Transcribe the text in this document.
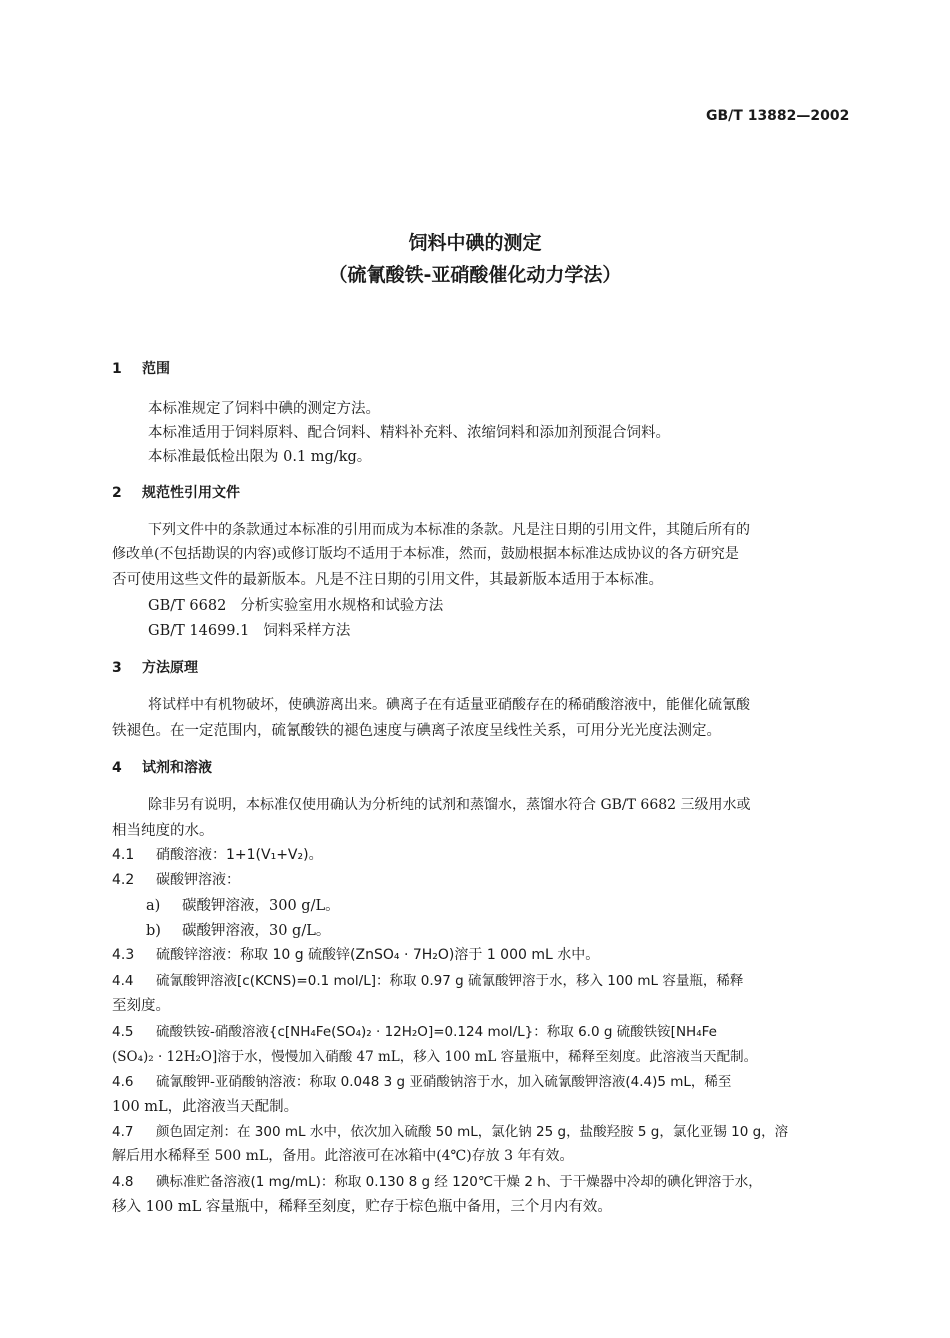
GB/T 13882—2002
饲料中碘的测定
（硫氰酸铁-亚硝酸催化动力学法）
1 范围
本标准规定了饲料中碘的测定方法。
本标准适用于饲料原料、配合饲料、精料补充料、浓缩饲料和添加剂预混合饲料。
本标准最低检出限为 0.1 mg/kg。
2 规范性引用文件
下列文件中的条款通过本标准的引用而成为本标准的条款。凡是注日期的引用文件，其随后所有的
修改单(不包括勘误的内容)或修订版均不适用于本标准，然而，鼓励根据本标准达成协议的各方研究是
否可使用这些文件的最新版本。凡是不注日期的引用文件，其最新版本适用于本标准。
GB/T 6682 分析实验室用水规格和试验方法
GB/T 14699.1 饲料采样方法
3 方法原理
将试样中有机物破坏，使碘游离出来。碘离子在有适量亚硝酸存在的稀硝酸溶液中，能催化硫氰酸
铁褪色。在一定范围内，硫氰酸铁的褪色速度与碘离子浓度呈线性关系，可用分光光度法测定。
4 试剂和溶液
除非另有说明，本标准仅使用确认为分析纯的试剂和蒸馏水，蒸馏水符合 GB/T 6682 三级用水或
相当纯度的水。
4.1 硝酸溶液：1+1(V₁+V₂)。
4.2 碳酸钾溶液：
a) 碳酸钾溶液，300 g/L。
b) 碳酸钾溶液，30 g/L。
4.3 硫酸锌溶液：称取 10 g 硫酸锌(ZnSO₄ · 7H₂O)溶于 1 000 mL 水中。
4.4 硫氰酸钾溶液[c(KCNS)=0.1 mol/L]：称取 0.97 g 硫氰酸钾溶于水，移入 100 mL 容量瓶，稀释
至刻度。
4.5 硫酸铁铵-硝酸溶液{c[NH₄Fe(SO₄)₂ · 12H₂O]=0.124 mol/L}：称取 6.0 g 硫酸铁铵[NH₄Fe
(SO₄)₂ · 12H₂O]溶于水，慢慢加入硝酸 47 mL，移入 100 mL 容量瓶中，稀释至刻度。此溶液当天配制。
4.6 硫氰酸钾-亚硝酸钠溶液：称取 0.048 3 g 亚硝酸钠溶于水，加入硫氰酸钾溶液(4.4)5 mL，稀至
100 mL，此溶液当天配制。
4.7 颜色固定剂：在 300 mL 水中，依次加入硫酸 50 mL，氯化钠 25 g，盐酸羟胺 5 g，氯化亚锡 10 g，溶
解后用水稀释至 500 mL，备用。此溶液可在冰箱中(4℃)存放 3 年有效。
4.8 碘标准贮备溶液(1 mg/mL)：称取 0.130 8 g 经 120℃干燥 2 h、于干燥器中冷却的碘化钾溶于水，
移入 100 mL 容量瓶中，稀释至刻度，贮存于棕色瓶中备用，三个月内有效。
